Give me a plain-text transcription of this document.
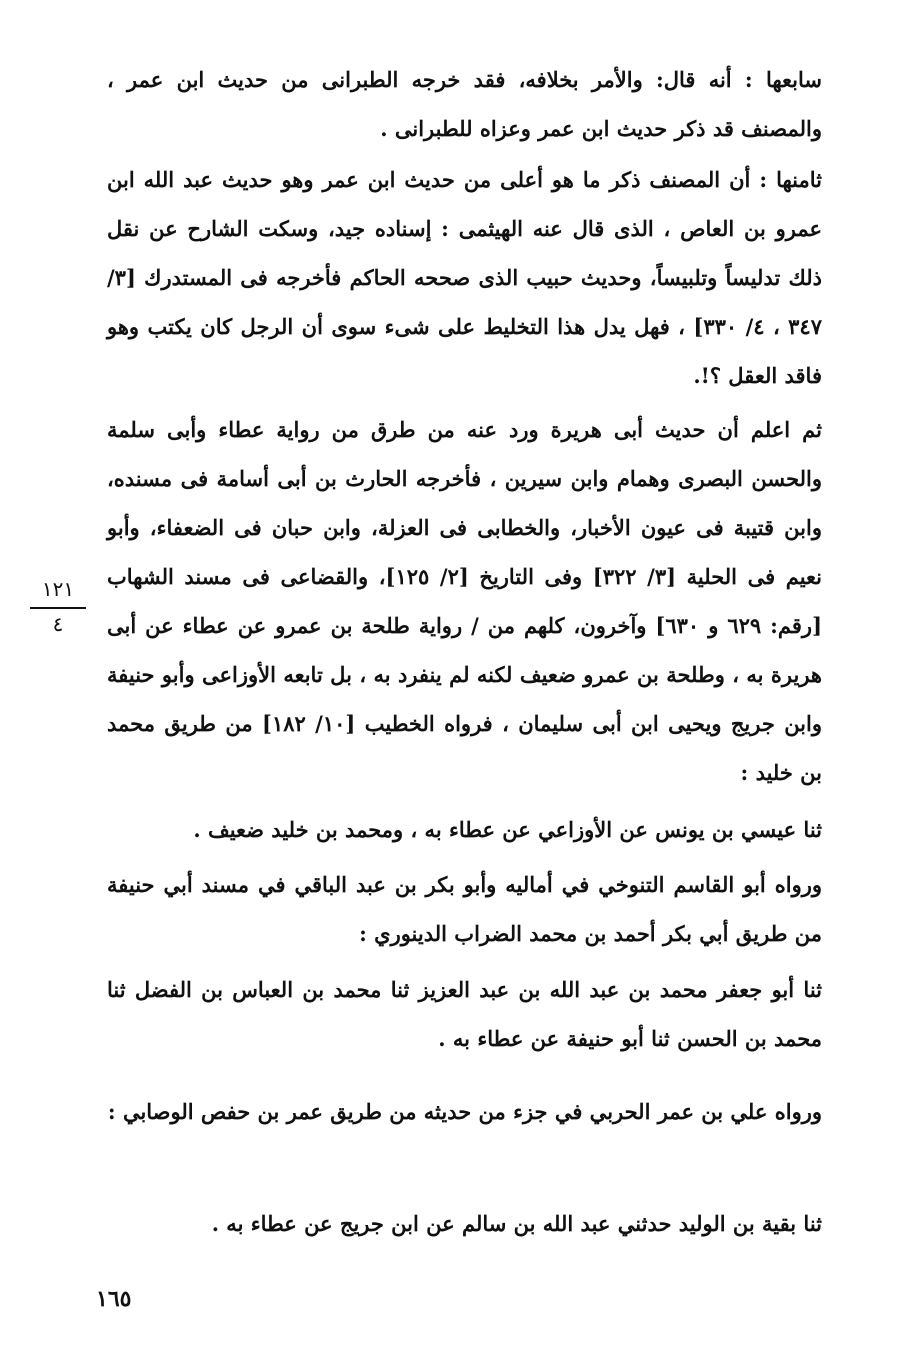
سابعها : أنه قال: والأمر بخلافه، فقد خرجه الطبرانى من حديث ابن عمر ، والمصنف قد ذكر حديث ابن عمر وعزاه للطبرانى .

ثامنها : أن المصنف ذكر ما هو أعلى من حديث ابن عمر وهو حديث عبد الله ابن عمرو بن العاص ، الذى قال عنه الهيثمى : إسناده جيد، وسكت الشارح عن نقل ذلك تدليساً وتلبيساً، وحديث حبيب الذى صححه الحاكم فأخرجه فى المستدرك [٣/ ٣٤٧ ، ٤/ ٣٣٠] ، فهل يدل هذا التخليط على شىء سوى أن الرجل كان يكتب وهو فاقد العقل ؟!.

ثم اعلم أن حديث أبى هريرة ورد عنه من طرق من رواية عطاء وأبى سلمة والحسن البصرى وهمام وابن سيرين ، فأخرجه الحارث بن أبى أسامة فى مسنده، وابن قتيبة فى عيون الأخبار، والخطابى فى العزلة، وابن حبان فى الضعفاء، وأبو نعيم فى الحلية [٣/ ٣٢٢] وفى التاريخ [٢/ ١٢٥]، والقضاعى فى مسند الشهاب [رقم: ٦٢٩ و ٦٣٠] وآخرون، كلهم من / رواية طلحة بن عمرو عن عطاء عن أبى هريرة به ، وطلحة بن عمرو ضعيف لكنه لم ينفرد به ، بل تابعه الأوزاعى وأبو حنيفة وابن جريج ويحيى ابن أبى سليمان ، فرواه الخطيب [١٠/ ١٨٢] من طريق محمد بن خليد :

ثنا عيسي بن يونس عن الأوزاعي عن عطاء به ، ومحمد بن خليد ضعيف .

ورواه أبو القاسم التنوخي في أماليه وأبو بكر بن عبد الباقي في مسند أبي حنيفة من طريق أبي بكر أحمد بن محمد الضراب الدينوري :

ثنا أبو جعفر محمد بن عبد الله بن عبد العزيز ثنا محمد بن العباس بن الفضل ثنا محمد بن الحسن ثنا أبو حنيفة عن عطاء به .

ورواه علي بن عمر الحربي في جزء من حديثه من طريق عمر بن حفص الوصابي :

ثنا بقية بن الوليد حدثني عبد الله بن سالم عن ابن جريج عن عطاء به .

١٢١
٤
١٦٥
